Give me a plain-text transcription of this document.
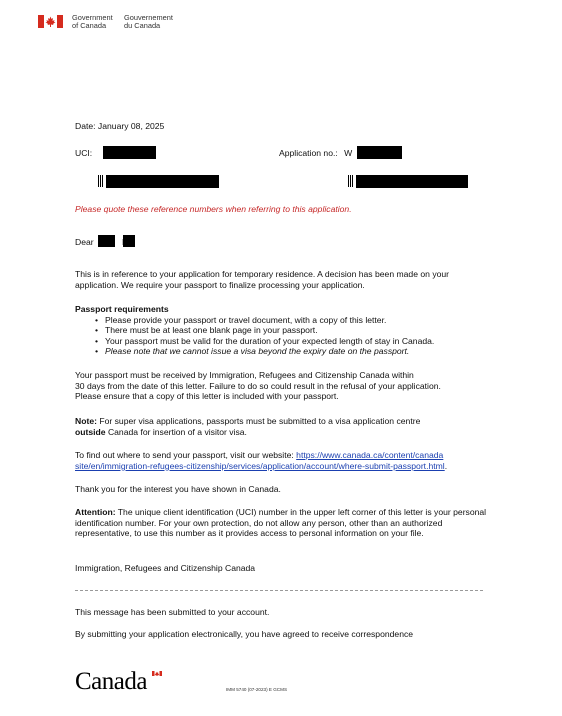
Government
of Canada
Gouvernement
du Canada
Date: January 08, 2025
UCI:	Application no.: W
Please quote these reference numbers when referring to this application.
Dear
This is in reference to your application for temporary residence. A decision has been made on your application. We require your passport to finalize processing your application.
Passport requirements
• Please provide your passport or travel document, with a copy of this letter.
• There must be at least one blank page in your passport.
• Your passport must be valid for the duration of your expected length of stay in Canada.
• Please note that we cannot issue a visa beyond the expiry date on the passport.
Your passport must be received by Immigration, Refugees and Citizenship Canada within
30 days from the date of this letter. Failure to do so could result in the refusal of your application.
Please ensure that a copy of this letter is included with your passport.
Note: For super visa applications, passports must be submitted to a visa application centre
outside Canada for insertion of a visitor visa.
To find out where to send your passport, visit our website: https://www.canada.ca/content/canada
site/en/immigration-refugees-citizenship/services/application/account/where-submit-passport.html.
Thank you for the interest you have shown in Canada.
Attention: The unique client identification (UCI) number in the upper left corner of this letter is your personal identification number. For your own protection, do not allow any person, other than an authorized representative, to use this number as it provides access to personal information on your file.
Immigration, Refugees and Citizenship Canada
This message has been submitted to your account.
By submitting your application electronically, you have agreed to receive correspondence
Canada	IMM 5740 (07-2023) E GCMS
